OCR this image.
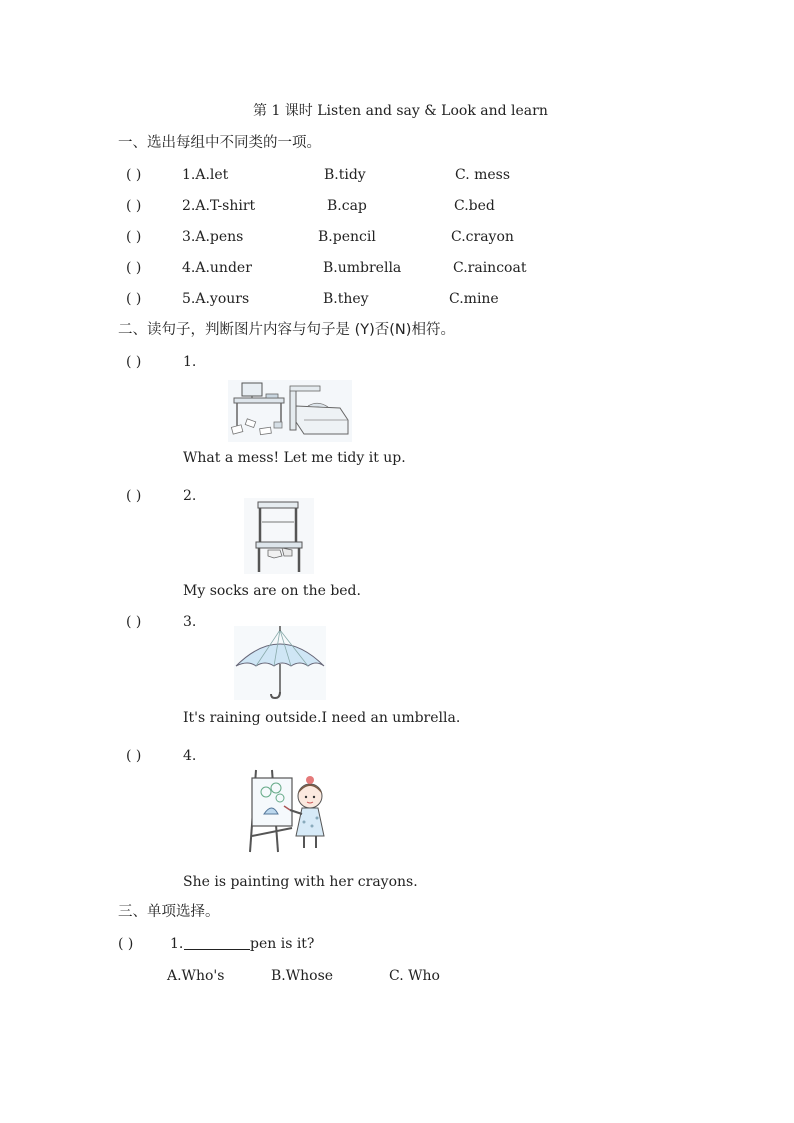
第 1 课时 Listen and say & Look and learn
一、选出每组中不同类的一项。
( )	1.A.let	B.tidy	C. mess
( )	2.A.T-shirt	B.cap	C.bed
( )	3.A.pens	B.pencil	C.crayon
( )	4.A.under	B.umbrella	C.raincoat
( )	5.A.yours	B.they	C.mine
二、读句子，判断图片内容与句子是 (Y)否(N)相符。
( )	1.
What a mess! Let me tidy it up.
( )	2.
My socks are on the bed.
( )	3.
It's raining outside.I need an umbrella.
( )	4.
She is painting with her crayons.
三、单项选择。
( )	1.	pen is it?
A.Who's	B.Whose	C. Who
